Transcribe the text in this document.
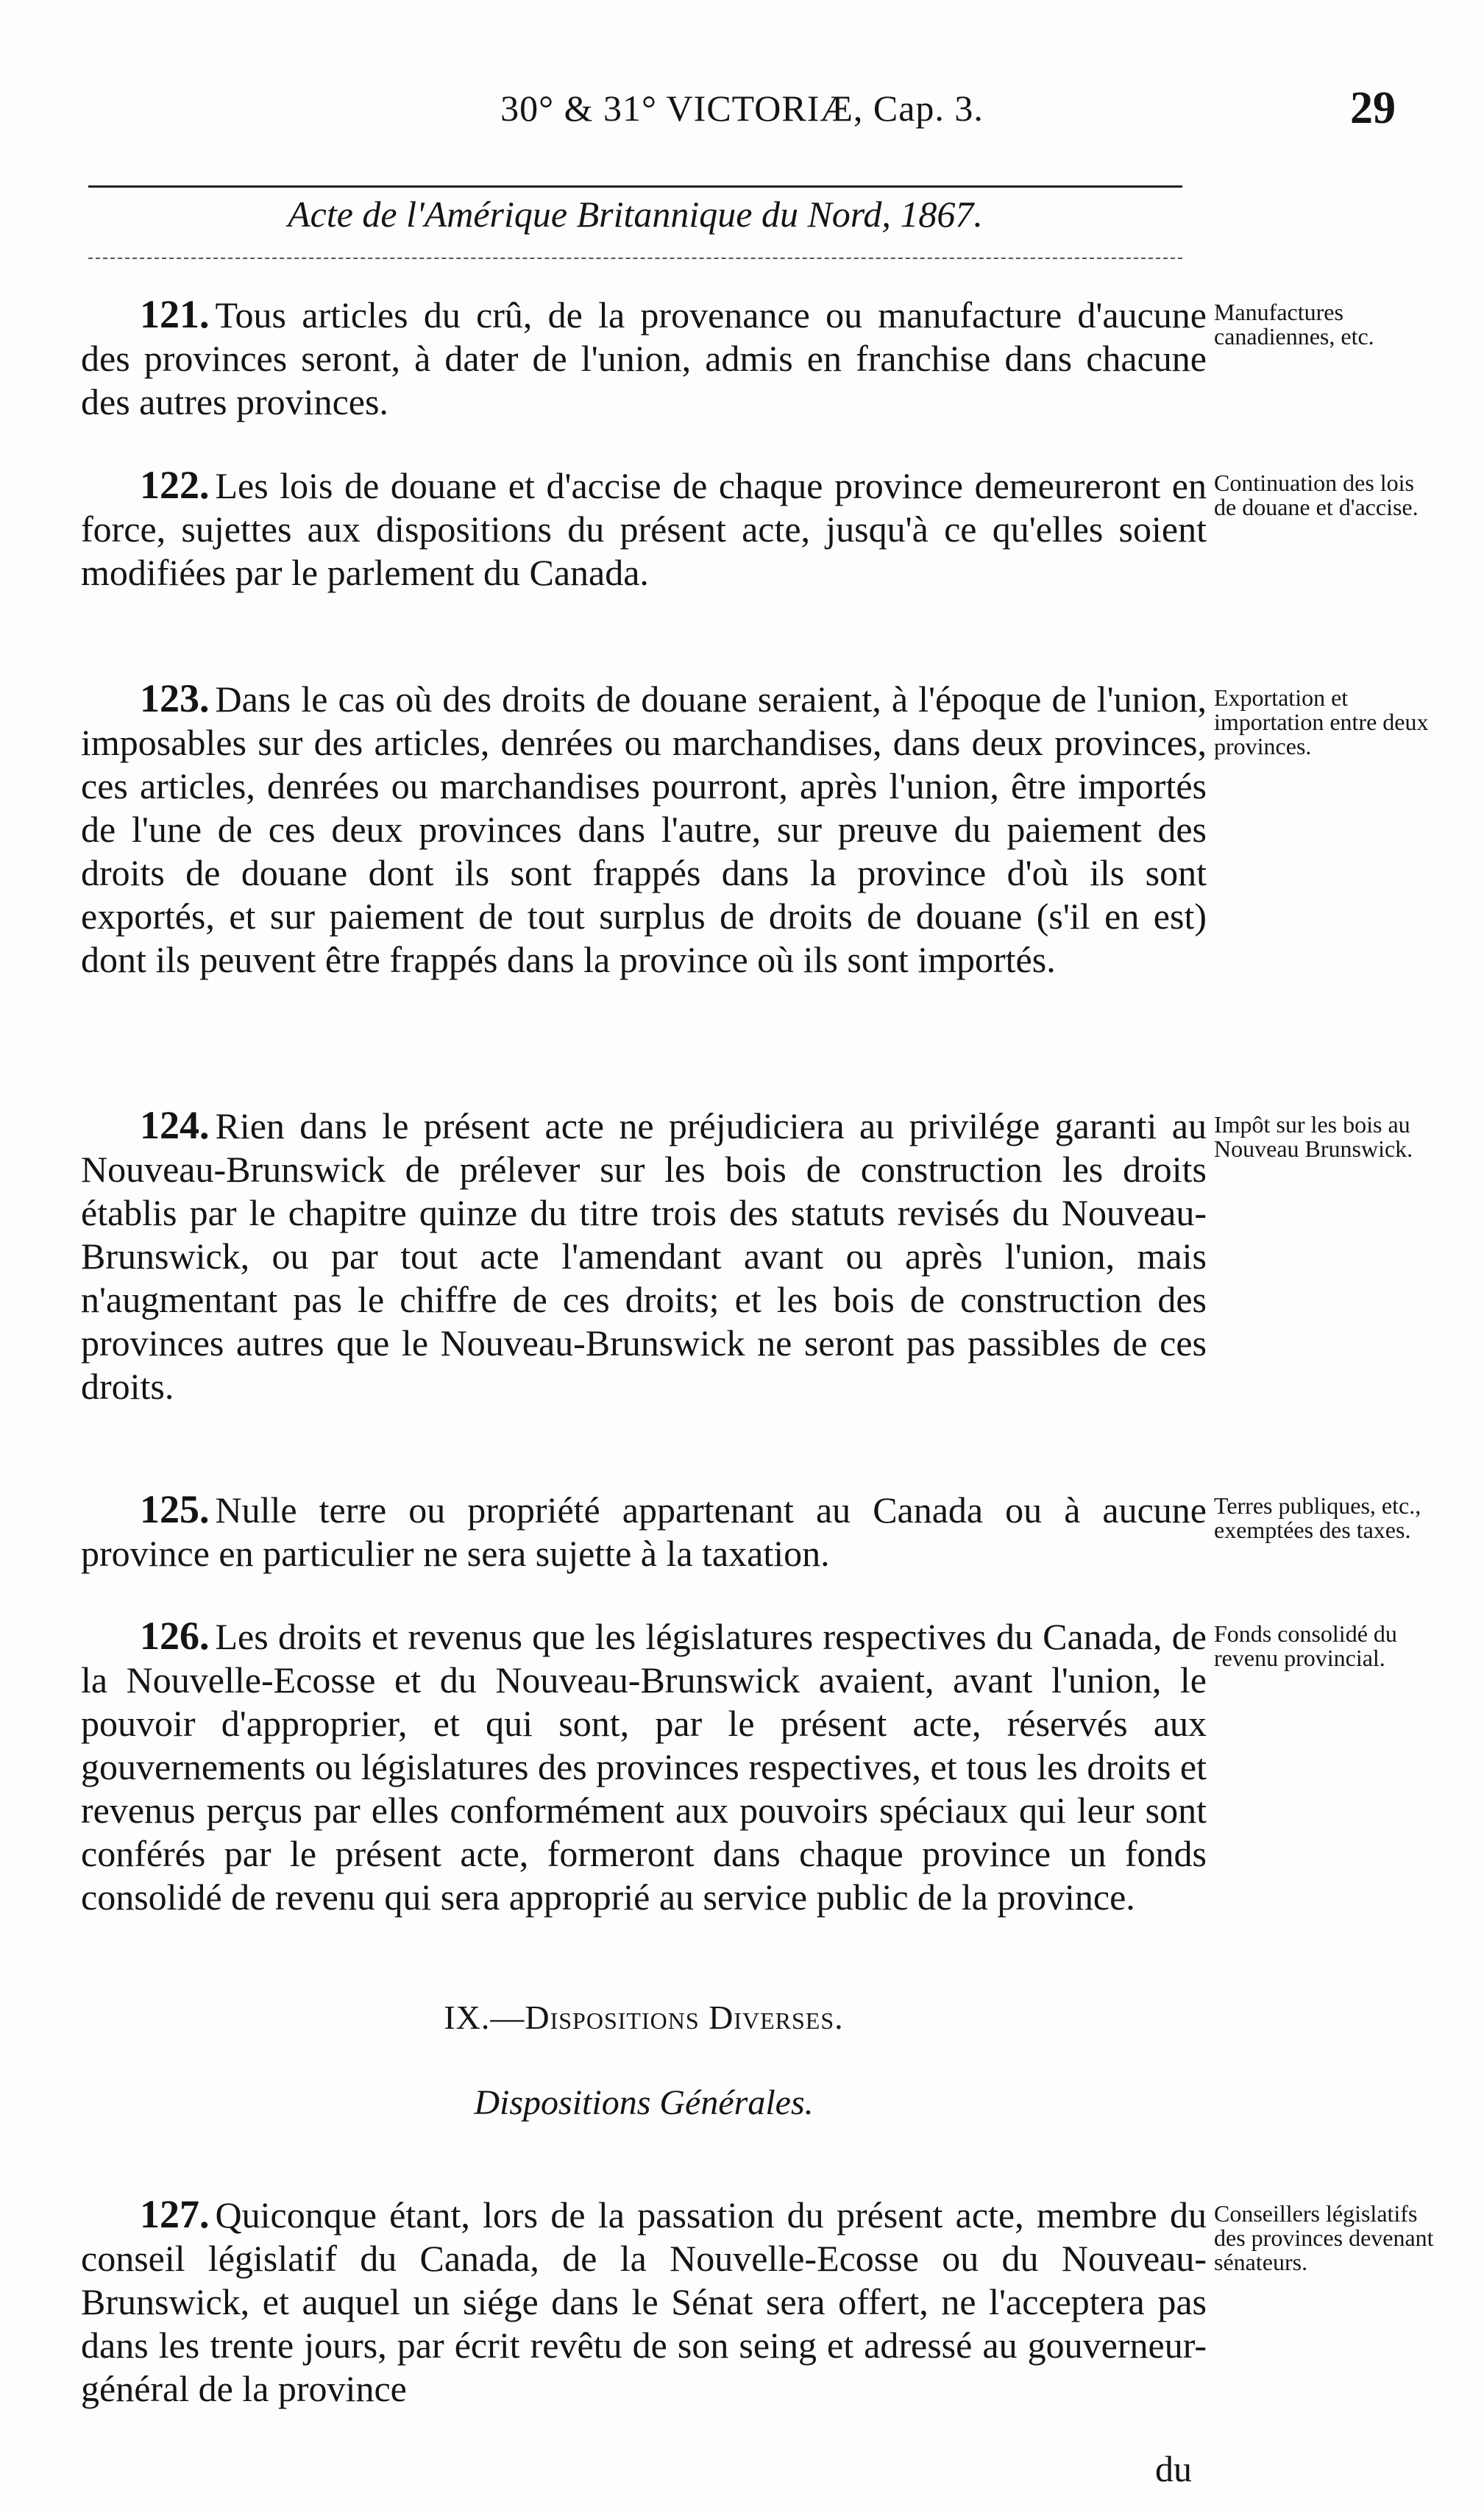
30° & 31° VICTORIÆ, Cap. 3.	29
Acte de l'Amérique Britannique du Nord, 1867.
121. Tous articles du crû, de la provenance ou manufacture d'aucune des provinces seront, à dater de l'union, admis en franchise dans chacune des autres provinces.
Manufactures canadiennes, etc.
122. Les lois de douane et d'accise de chaque province demeureront en force, sujettes aux dispositions du présent acte, jusqu'à ce qu'elles soient modifiées par le parlement du Canada.
Continuation des lois de douane et d'accise.
123. Dans le cas où des droits de douane seraient, à l'époque de l'union, imposables sur des articles, denrées ou marchandises, dans deux provinces, ces articles, denrées ou marchandises pourront, après l'union, être importés de l'une de ces deux provinces dans l'autre, sur preuve du paiement des droits de douane dont ils sont frappés dans la province d'où ils sont exportés, et sur paiement de tout surplus de droits de douane (s'il en est) dont ils peuvent être frappés dans la province où ils sont importés.
Exportation et importation entre deux provinces.
124. Rien dans le présent acte ne préjudiciera au privilége garanti au Nouveau-Brunswick de prélever sur les bois de construction les droits établis par le chapitre quinze du titre trois des statuts revisés du Nouveau-Brunswick, ou par tout acte l'amendant avant ou après l'union, mais n'augmentant pas le chiffre de ces droits; et les bois de construction des provinces autres que le Nouveau-Brunswick ne seront pas passibles de ces droits.
Impôt sur les bois au Nouveau Brunswick.
125. Nulle terre ou propriété appartenant au Canada ou à aucune province en particulier ne sera sujette à la taxation.
Terres publiques, etc., exemptées des taxes.
126. Les droits et revenus que les législatures respectives du Canada, de la Nouvelle-Ecosse et du Nouveau-Brunswick avaient, avant l'union, le pouvoir d'approprier, et qui sont, par le présent acte, réservés aux gouvernements ou législatures des provinces respectives, et tous les droits et revenus perçus par elles conformément aux pouvoirs spéciaux qui leur sont conférés par le présent acte, formeront dans chaque province un fonds consolidé de revenu qui sera approprié au service public de la province.
Fonds consolidé du revenu provincial.
IX.—Dispositions Diverses.
Dispositions Générales.
127. Quiconque étant, lors de la passation du présent acte, membre du conseil législatif du Canada, de la Nouvelle-Ecosse ou du Nouveau-Brunswick, et auquel un siége dans le Sénat sera offert, ne l'acceptera pas dans les trente jours, par écrit revêtu de son seing et adressé au gouverneur-général de la province
Conseillers législatifs des provinces devenant sénateurs.
du
